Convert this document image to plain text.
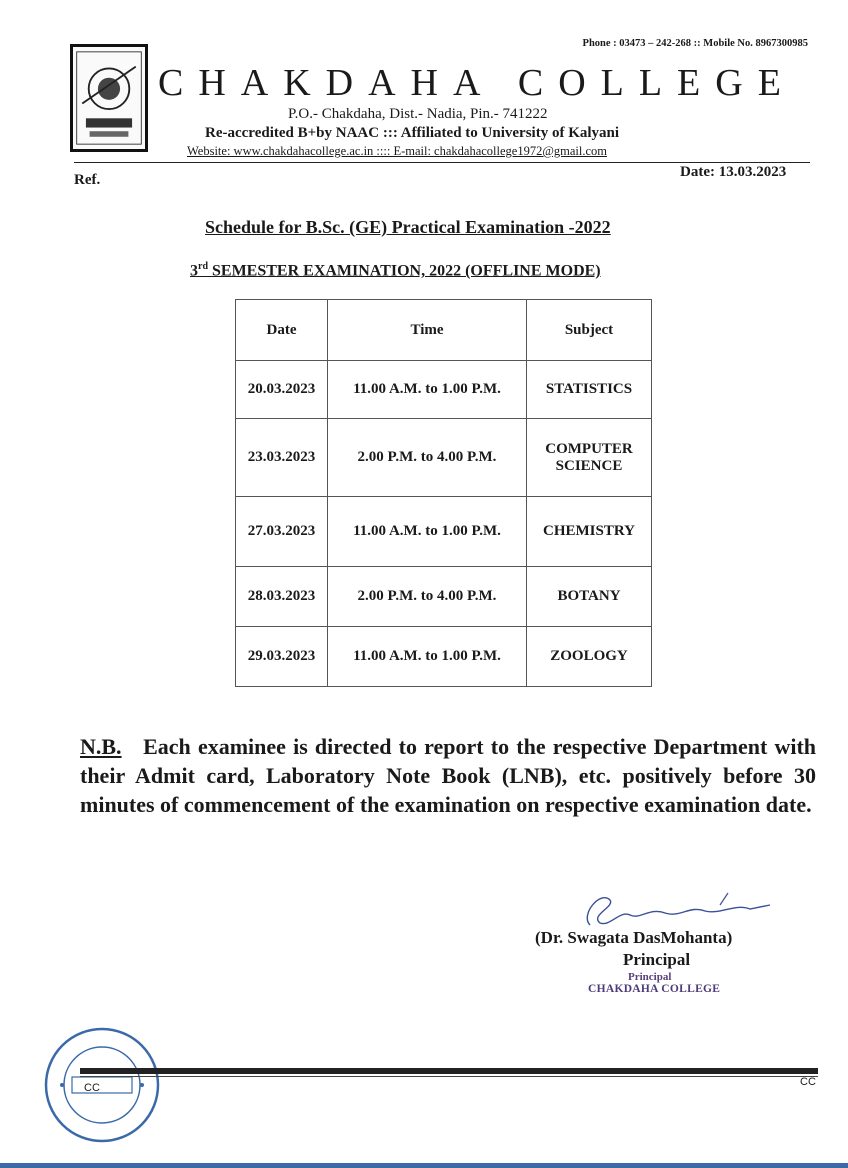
Phone : 03473 – 242-268 :: Mobile No. 8967300985
CHAKDAHA COLLEGE
P.O.- Chakdaha, Dist.- Nadia, Pin.- 741222
Re-accredited B+by NAAC ::: Affiliated to University of Kalyani
Website: www.chakdahacollege.ac.in :::: E-mail: chakdahacollege1972@gmail.com
Ref.	Date: 13.03.2023
Schedule for B.Sc. (GE) Practical Examination -2022
3rd SEMESTER EXAMINATION, 2022 (OFFLINE MODE)
Date	Time	Subject
20.03.2023	11.00 A.M. to 1.00 P.M.	STATISTICS
23.03.2023	2.00 P.M. to 4.00 P.M.	COMPUTER SCIENCE
27.03.2023	11.00 A.M. to 1.00 P.M.	CHEMISTRY
28.03.2023	2.00 P.M. to 4.00 P.M.	BOTANY
29.03.2023	11.00 A.M. to 1.00 P.M.	ZOOLOGY
N.B. Each examinee is directed to report to the respective Department with their Admit card, Laboratory Note Book (LNB), etc. positively before 30 minutes of commencement of the examination on respective examination date.
(Dr. Swagata DasMohanta)
Principal
Principal
CHAKDAHA COLLEGE
CC	CC
